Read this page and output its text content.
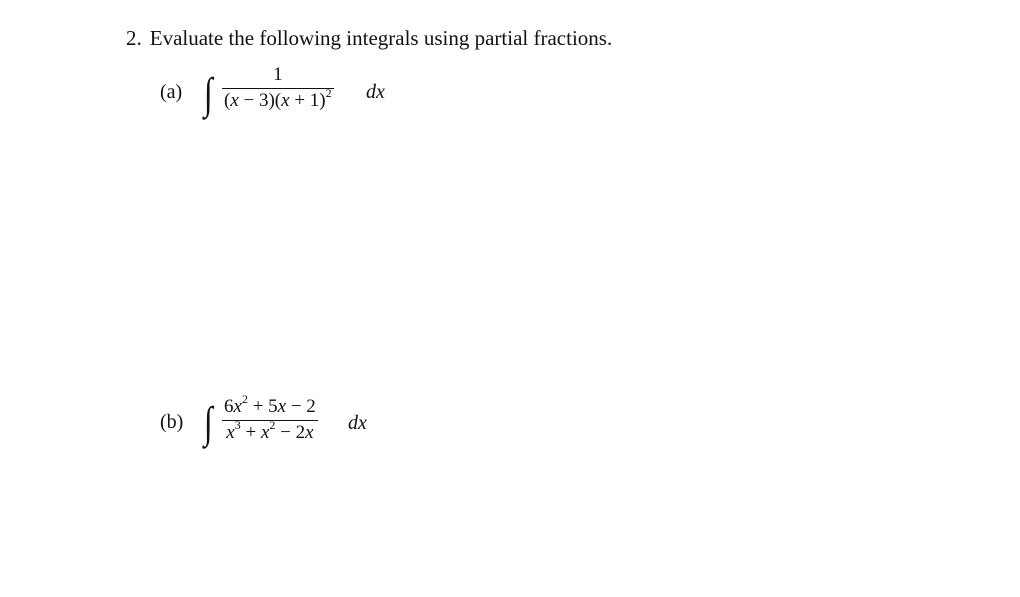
2. Evaluate the following integrals using partial fractions.
(a) ∫	1
$(x - 3)(x + 1)^2$ dx
(b) ∫ $6x^2 + 5x - 2$
$x^3 + x^2 - 2x$ dx
